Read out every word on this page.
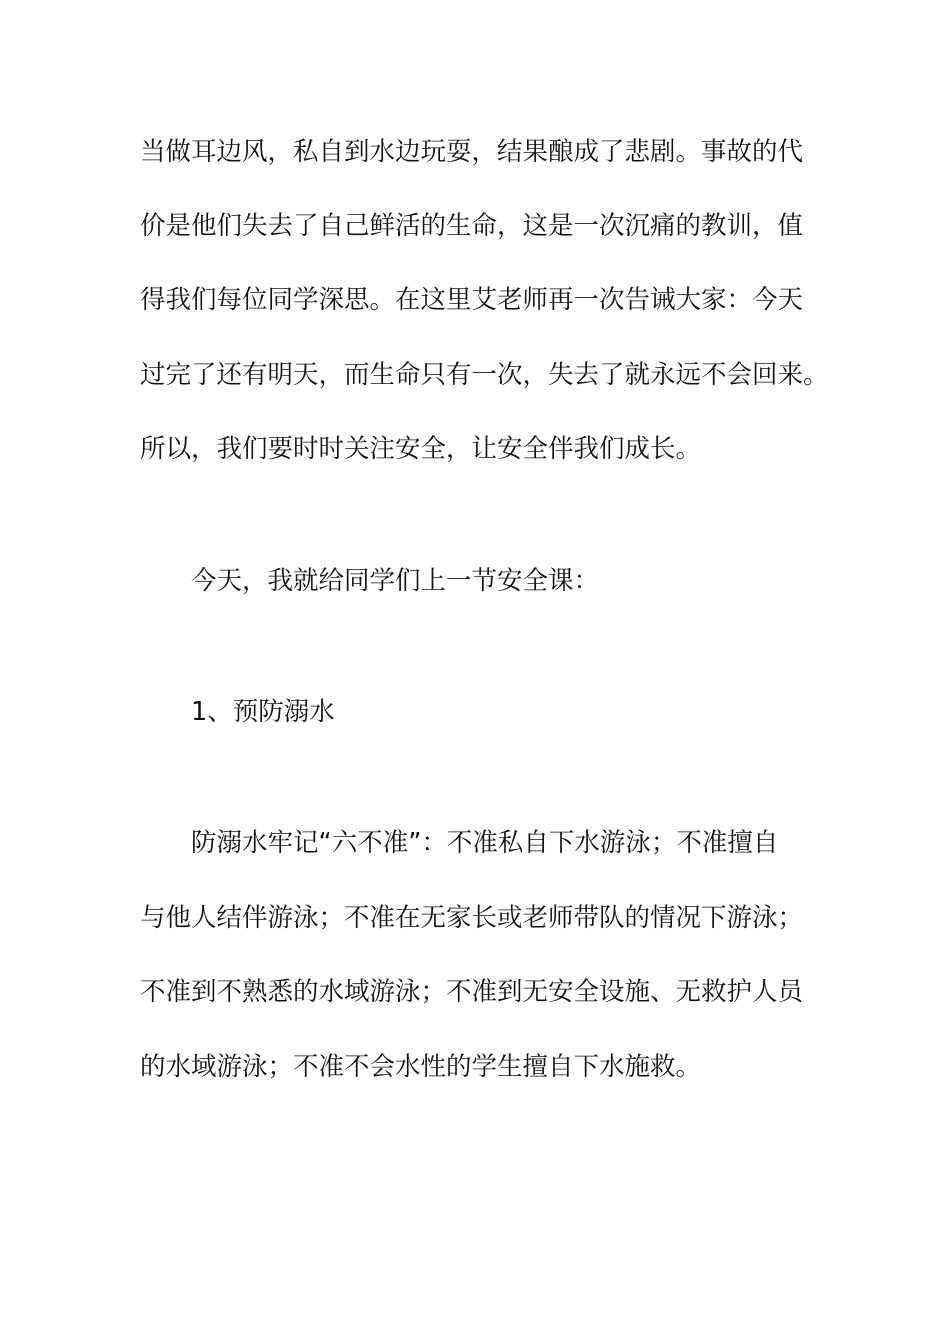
当做耳边风，私自到水边玩耍，结果酿成了悲剧。事故的代
价是他们失去了自己鲜活的生命，这是一次沉痛的教训，值
得我们每位同学深思。在这里艾老师再一次告诫大家：今天
过完了还有明天，而生命只有一次，失去了就永远不会回来。
所以，我们要时时关注安全，让安全伴我们成长。
今天，我就给同学们上一节安全课：
1、预防溺水
防溺水牢记“六不准”：不准私自下水游泳；不准擅自
与他人结伴游泳；不准在无家长或老师带队的情况下游泳；
不准到不熟悉的水域游泳；不准到无安全设施、无救护人员
的水域游泳；不准不会水性的学生擅自下水施救。
